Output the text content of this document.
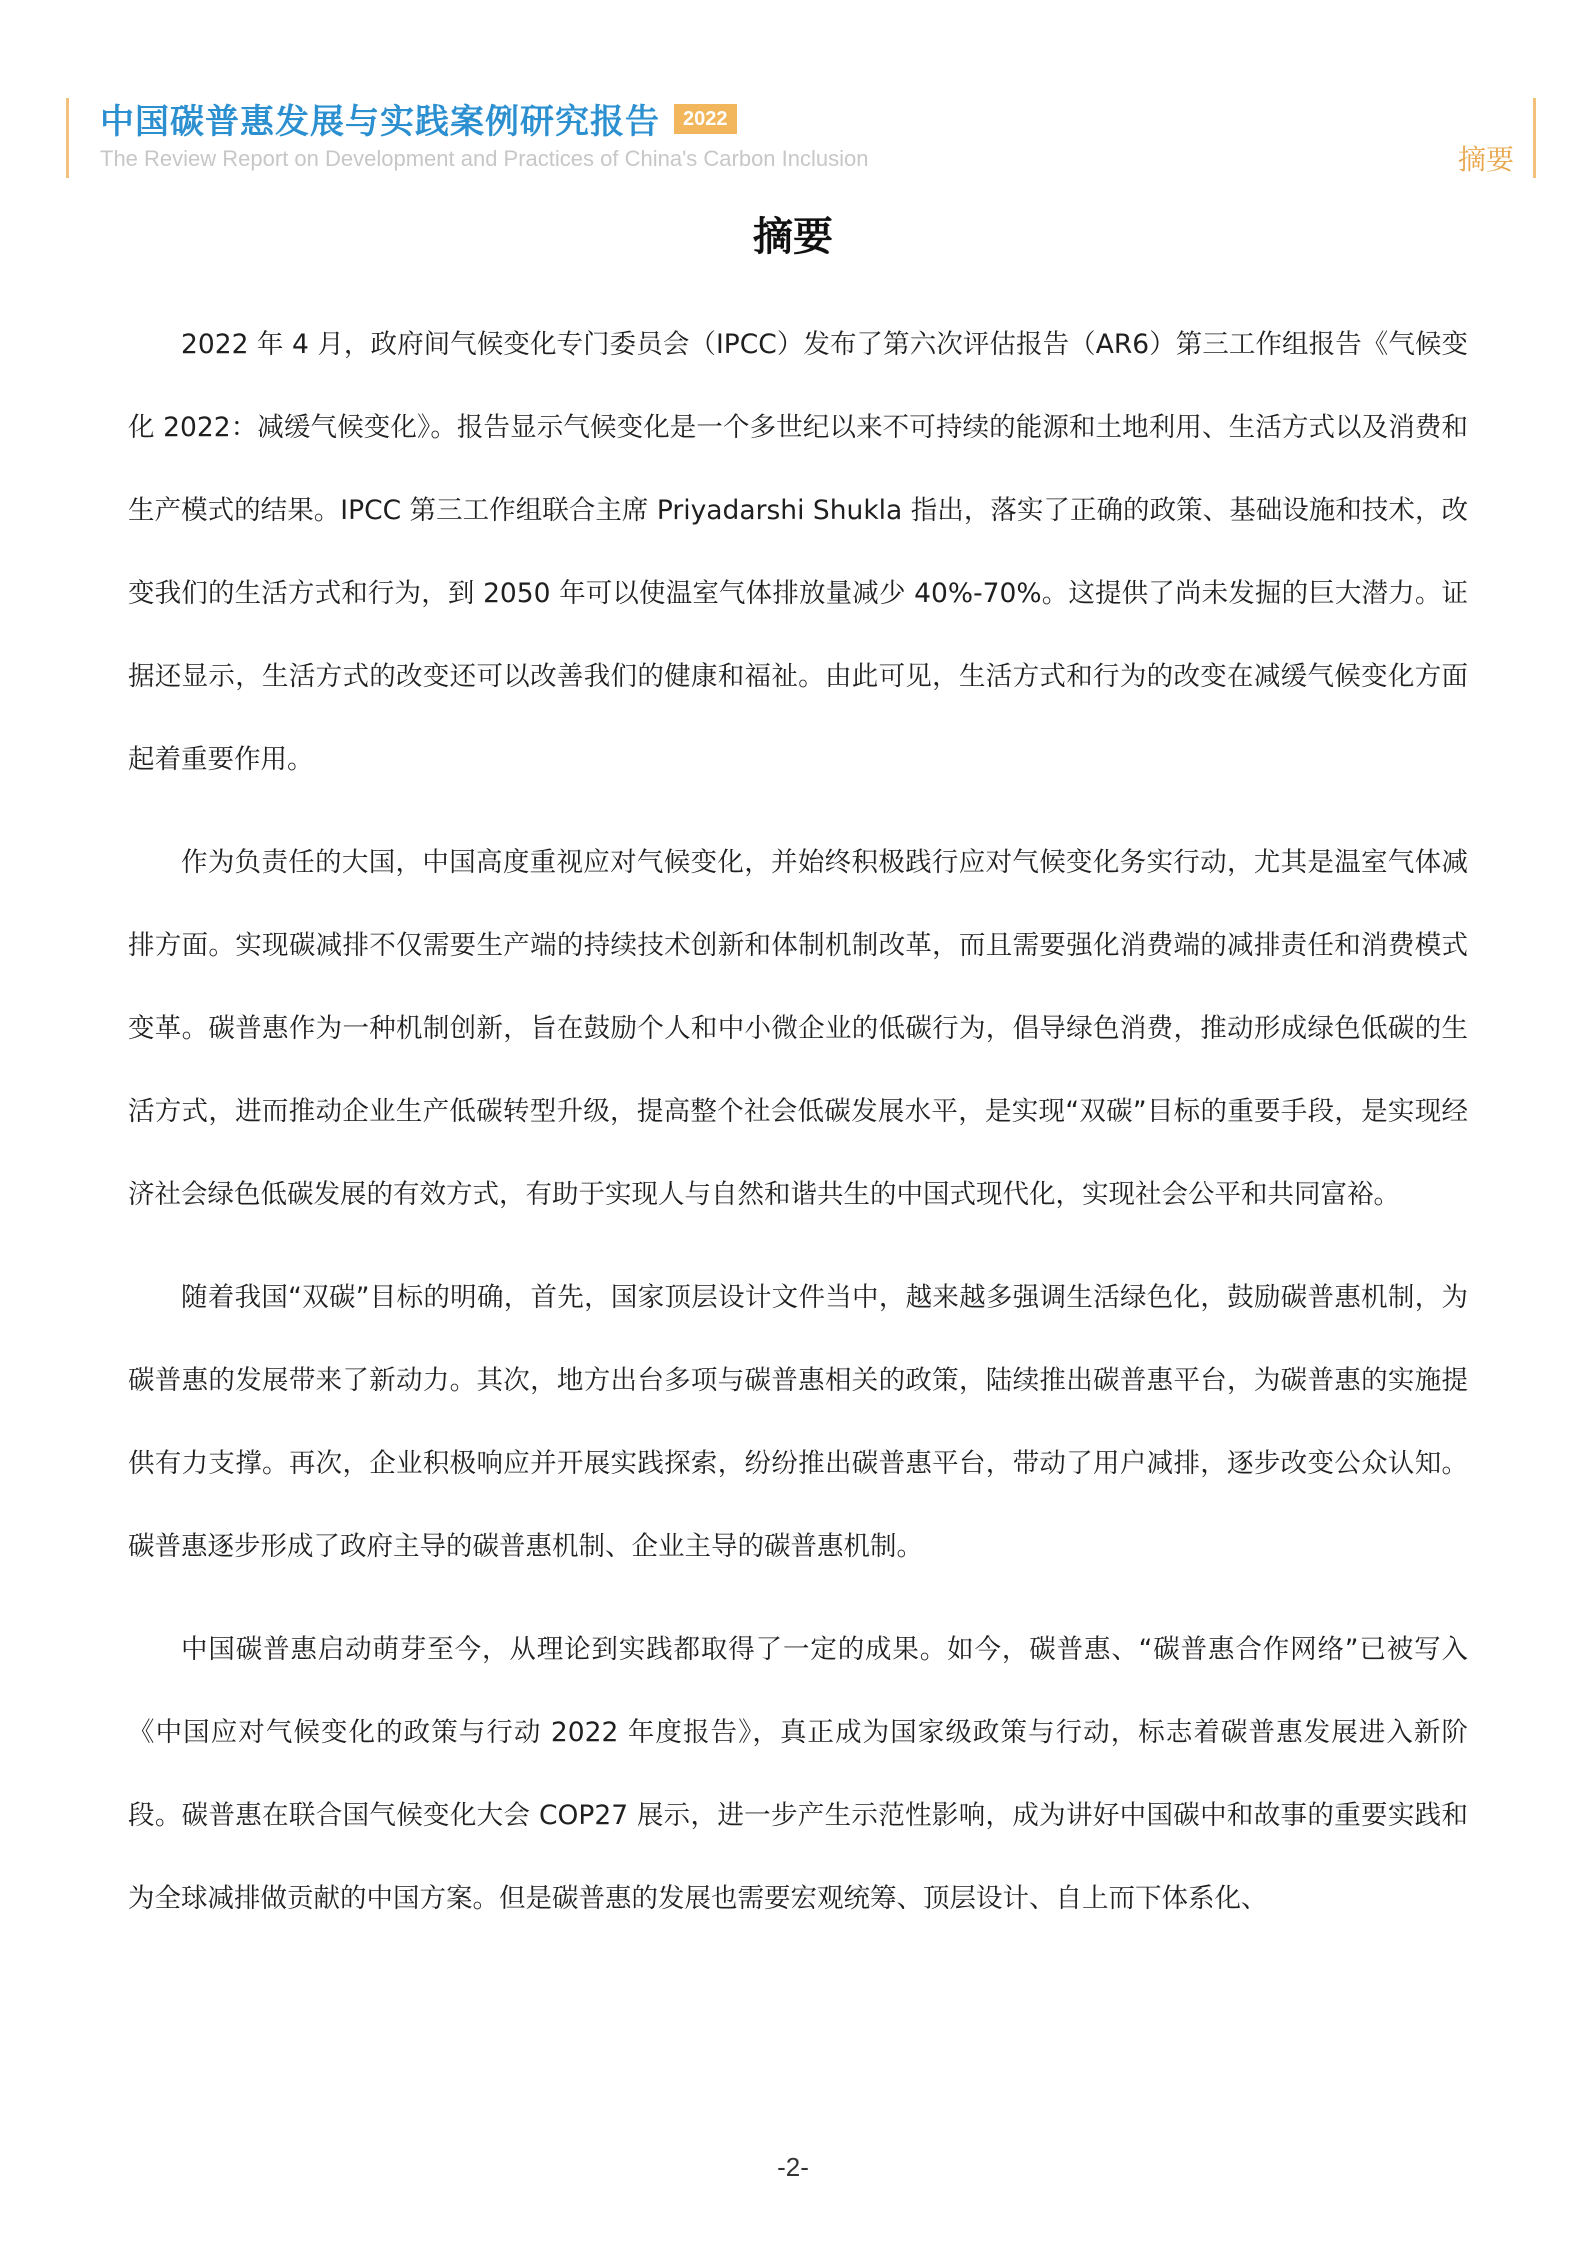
中国碳普惠发展与实践案例研究报告	2022
The Review Report on Development and Practices of China's Carbon Inclusion	摘要
摘要

2022 年 4 月，政府间气候变化专门委员会（IPCC）发布了第六次评估报告（AR6）第三工作组报告《气候变化 2022：减缓气候变化》。报告显示气候变化是一个多世纪以来不可持续的能源和土地利用、生活方式以及消费和生产模式的结果。IPCC 第三工作组联合主席 Priyadarshi Shukla 指出，落实了正确的政策、基础设施和技术，改变我们的生活方式和行为，到 2050 年可以使温室气体排放量减少 40%-70%。这提供了尚未发掘的巨大潜力。证据还显示，生活方式的改变还可以改善我们的健康和福祉。由此可见，生活方式和行为的改变在减缓气候变化方面起着重要作用。

作为负责任的大国，中国高度重视应对气候变化，并始终积极践行应对气候变化务实行动，尤其是温室气体减排方面。实现碳减排不仅需要生产端的持续技术创新和体制机制改革，而且需要强化消费端的减排责任和消费模式变革。碳普惠作为一种机制创新，旨在鼓励个人和中小微企业的低碳行为，倡导绿色消费，推动形成绿色低碳的生活方式，进而推动企业生产低碳转型升级，提高整个社会低碳发展水平，是实现“双碳”目标的重要手段，是实现经济社会绿色低碳发展的有效方式，有助于实现人与自然和谐共生的中国式现代化，实现社会公平和共同富裕。

随着我国“双碳”目标的明确，首先，国家顶层设计文件当中，越来越多强调生活绿色化，鼓励碳普惠机制，为碳普惠的发展带来了新动力。其次，地方出台多项与碳普惠相关的政策，陆续推出碳普惠平台，为碳普惠的实施提供有力支撑。再次，企业积极响应并开展实践探索，纷纷推出碳普惠平台，带动了用户减排，逐步改变公众认知。碳普惠逐步形成了政府主导的碳普惠机制、企业主导的碳普惠机制。

中国碳普惠启动萌芽至今，从理论到实践都取得了一定的成果。如今，碳普惠、“碳普惠合作网络”已被写入《中国应对气候变化的政策与行动 2022 年度报告》，真正成为国家级政策与行动，标志着碳普惠发展进入新阶段。碳普惠在联合国气候变化大会 COP27 展示，进一步产生示范性影响，成为讲好中国碳中和故事的重要实践和为全球减排做贡献的中国方案。但是碳普惠的发展也需要宏观统筹、顶层设计、自上而下体系化、

-2-
